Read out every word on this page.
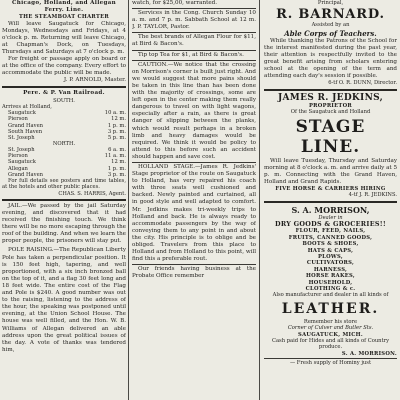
Chicago, Holland, and Allegan Ferry. Line.

THE STEAMBOAT CHARTER

Will leave Saugatuck for Chicago, Mondays, Wednesdays and Fridays, at 4 o'clock p. m. Returning will leave Chicago, at Chapman's Dock, on Tuesdays, Thursdays and Saturdays at 7 o'clock p. m.

For freight or passage apply on board or at the office of the company. Every effort to accommodate the public will be made.

J. P. ARNOLD, Master.

Pere. & P. Van Railroad.

SOUTH.

Arrives at Holland,

Saugatuck	10 a. m.
Pierson	12 m.
Grand Haven	1 p. m.
South Haven	3 p. m.
St. Joseph	5 p. m.

NORTH.

St. Joseph	6 a. m.
Pierson	11 a. m.
Saugatuck	12 m.
Allegan	1 p. m.
Grand Haven	3 p. m.

For full details see posters and time tables, at the hotels and other public places.

CHAS. S. HARRIS, Agent.

JAIL.—We passed by the jail Saturday evening, and discovered that it had received the finishing touch. We think there will be no more escaping through the roof of the building. And when we learn the proper people, the prisoners will stay put.

POLE RAISING.—The Republican Liberty Pole has taken a perpendicular position. It is 150 feet high, tapering, and well proportioned, with a six inch bronzed ball on the top of it, and a flag 30 feet long and 18 feet wide. The entire cost of the Flag and Pole is $240. A good number was out to the raising, listening to the address of the hour, the speaking was postponed until evening, at the Union School House. The house was well filled, and the Hon. W. B. Williams of Allegan delivered an able address upon the great political issues of the day. A vote of thanks was tendered him,

watch, for $25,00, warranted.

Services in the Cong. Church Sunday 10 a. m. and 7 p. m. Sabbath School at 12 m. J. P. TAYLOR, Pastor.

The best brands of Allegan Flour for $11, at Bird & Bacon's.

Tip top Tea for $1, at Bird & Bacon's.

CAUTION.—We notice that the crossing on Morrison's corner is built just right. And we would suggest that more pains should be taken in this line than has been done with the majority of crossings, some are left open in the center making them really dangerous to travel on with light wagons, especially after a rain, as there is great danger of slipping between the planks, which would result perhaps in a broken limb and heavy damages would be required. We think it would be policy to attend to this before such an accident should happen and save cost.

HOLLAND STAGE.—James R. Jedkins' Stage proprietor of the route on Saugatuck to Holland, has very repaired his coach with three seats well cushioned and backed. Newly painted and curtained, all in good style and well adapted to comfort. Mr. Jedkins makes tri-weekly trips to Holland and back. He is always ready to accommodate passengers by the way of conveying them to any point in and about the city. His principle is to oblige and be obliged. Travelers from this place to Holland and from Holland to this point, will find this a preferable rout.

Our friends having business at the Probate Office remember

Principal,

R. BARNARD.

Assisted by an

Able Corps of Teachers.

While thanking the Patrons of the School for the interest manifested during the past year, their attention is respectfully invited to the great benefit arising from scholars entering school at the opening of the term and attending each day's session if possible.

6-tf O. R. DUNN, Director.

JAMES R. JEDKINS,

PROPRIETOR

Of the Saugatuck and Holland

STAGE LINE.

Will leave Tuesday, Thursday and Saturday morning at 8 o'clock a. m. and arrive daily at 5 p. m. Connecting with the Grand Haven, Holland and Grand Rapids.

FIVE HORSE & CARRIERS HIRING

4-tf J. R. JEDKINS.

S. A. MORRISON,

Dealer in

DRY GOODS & GROCERIES!!

FLOUR, FEED, NAILS,

FRUITS, CANNED GOODS,

BOOTS & SHOES,

HATS & CAPS,

PLOWS,

CULTIVATORS,

HARNESS,

HORSE RAKES,

HOUSEHOLD,

CLOTHING & c.

Also manufacturer and dealer in all kinds of

LEATHER.

Remember his store

Corner of Culver and Butler Sts.

SAUGATUCK, MICH.

Cash paid for Hides and all kinds of Country produce.

S. A. MORRISON.

— Fresh supply of Hominy just
